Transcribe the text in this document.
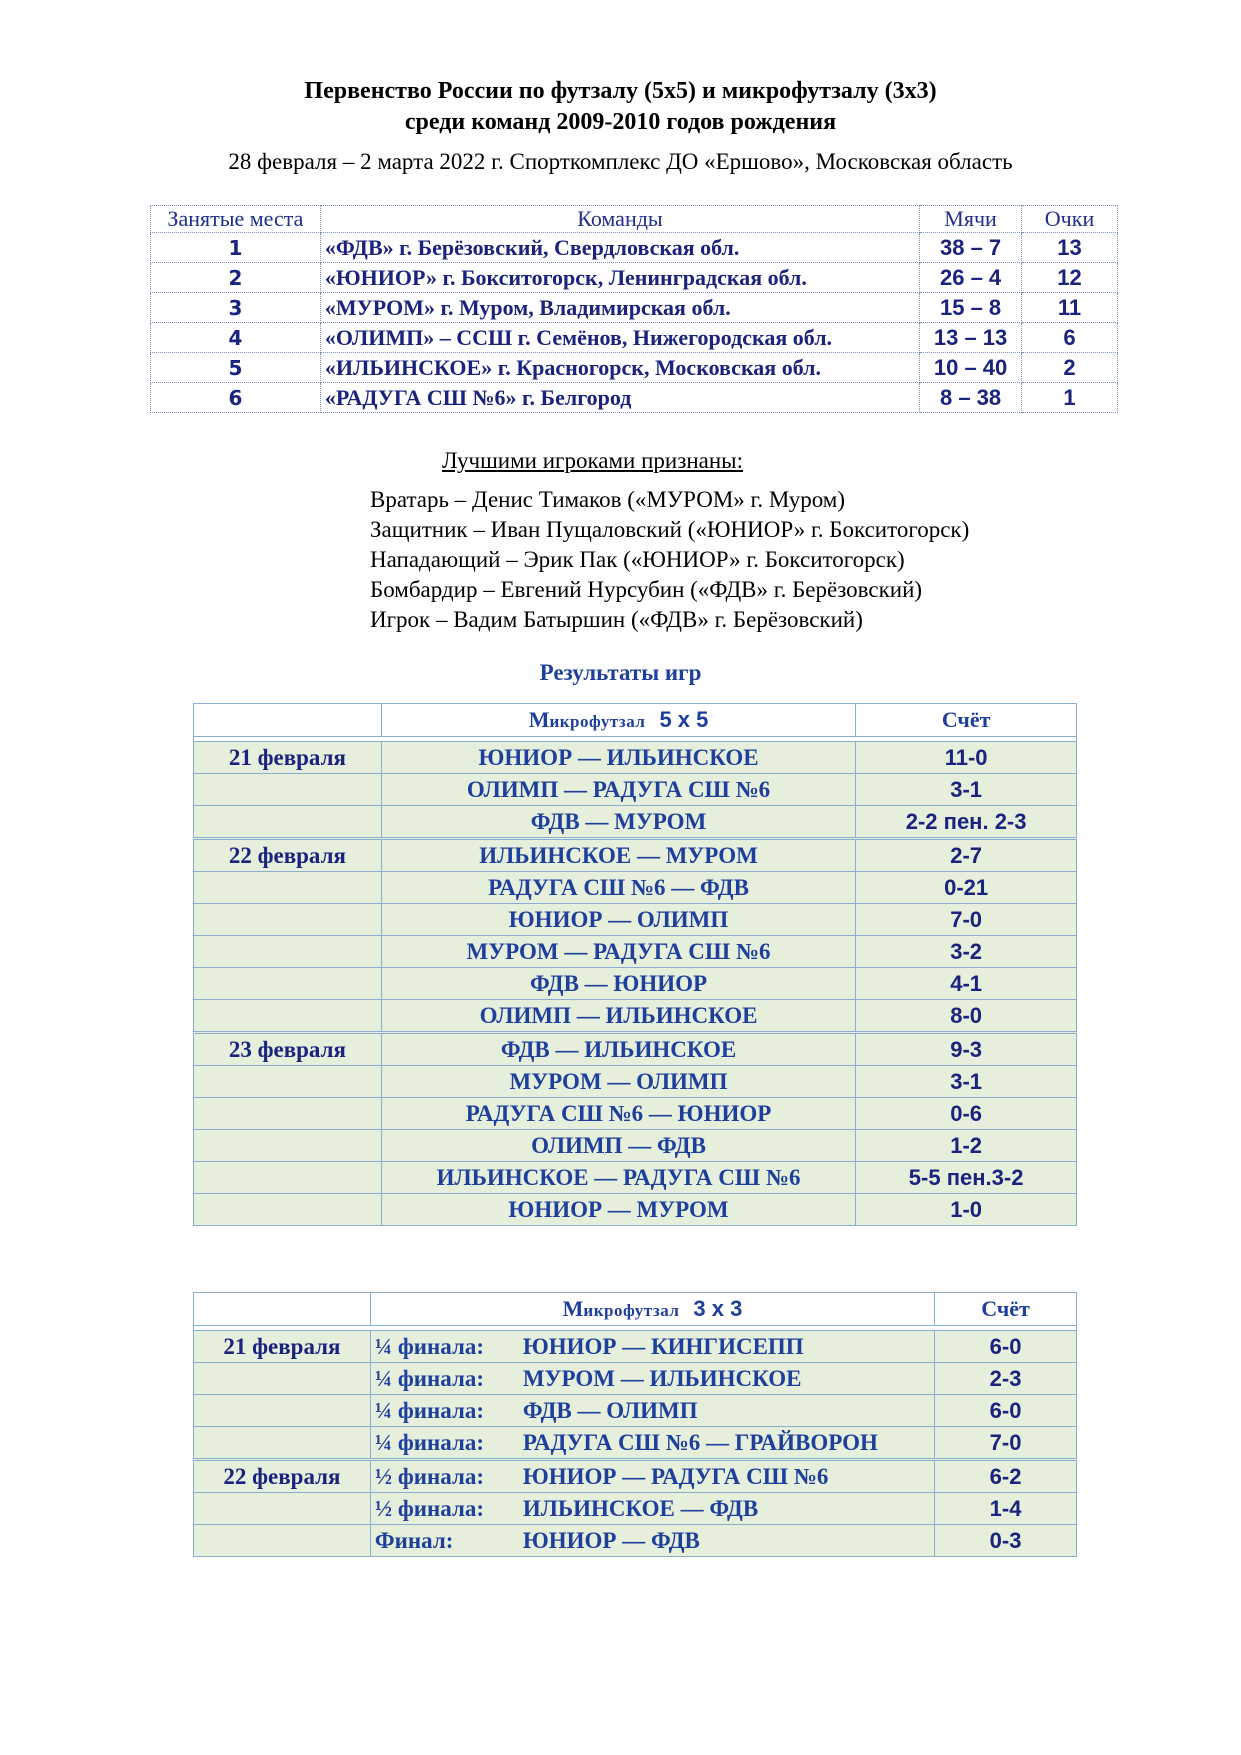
Первенство России по футзалу (5х5) и микрофутзалу (3х3)
среди команд 2009-2010 годов рождения
28 февраля – 2 марта 2022 г. Спорткомплекс ДО «Ершово», Московская область
Занятые места	Команды	Мячи	Очки
1	«ФДВ» г. Берёзовский, Свердловская обл.	38 – 7	13
2	«ЮНИОР» г. Бокситогорск, Ленинградская обл.	26 – 4	12
3	«МУРОМ» г. Муром, Владимирская обл.	15 – 8	11
4	«ОЛИМП» – ССШ г. Семёнов, Нижегородская обл.	13 – 13	6
5	«ИЛЬИНСКОЕ» г. Красногорск, Московская обл.	10 – 40	2
6	«РАДУГА СШ №6» г. Белгород	8 – 38	1
Лучшими игроками признаны:
Вратарь – Денис Тимаков («МУРОМ» г. Муром)
Защитник – Иван Пущаловский («ЮНИОР» г. Бокситогорск)
Нападающий – Эрик Пак («ЮНИОР» г. Бокситогорск)
Бомбардир – Евгений Нурсубин («ФДВ» г. Берёзовский)
Игрок – Вадим Батыршин («ФДВ» г. Берёзовский)
Результаты игр
	Микрофутзал 5 х 5	Счёт

21 февраля	ЮНИОР — ИЛЬИНСКОЕ	11-0
	ОЛИМП — РАДУГА СШ №6	3-1
	ФДВ — МУРОМ	2-2 пен. 2-3
22 февраля	ИЛЬИНСКОЕ — МУРОМ	2-7
	РАДУГА СШ №6 — ФДВ	0-21
	ЮНИОР — ОЛИМП	7-0
	МУРОМ — РАДУГА СШ №6	3-2
	ФДВ — ЮНИОР	4-1
	ОЛИМП — ИЛЬИНСКОЕ	8-0
23 февраля	ФДВ — ИЛЬИНСКОЕ	9-3
	МУРОМ — ОЛИМП	3-1
	РАДУГА СШ №6 — ЮНИОР	0-6
	ОЛИМП — ФДВ	1-2
	ИЛЬИНСКОЕ — РАДУГА СШ №6	5-5 пен.3-2
	ЮНИОР — МУРОМ	1-0
	Микрофутзал 3 х 3	Счёт

21 февраля	¼ финала: ЮНИОР — КИНГИСЕПП	6-0
	¼ финала: МУРОМ — ИЛЬИНСКОЕ	2-3
	¼ финала: ФДВ — ОЛИМП	6-0
	¼ финала: РАДУГА СШ №6 — ГРАЙВОРОН	7-0
22 февраля	½ финала: ЮНИОР — РАДУГА СШ №6	6-2
	½ финала: ИЛЬИНСКОЕ — ФДВ	1-4
	Финал: ЮНИОР — ФДВ	0-3
